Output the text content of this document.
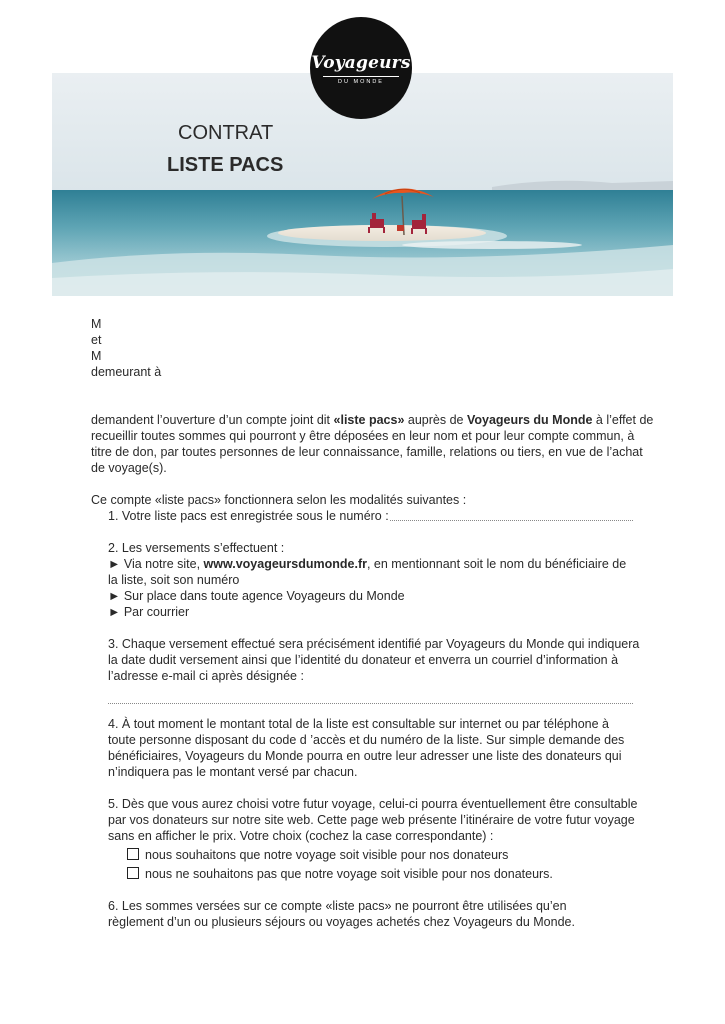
Voyageurs
DU MONDE
CONTRAT
LISTE PACS
M
et
M
demeurant à
demandent l’ouverture d’un compte joint dit «liste pacs» auprès de Voyageurs du Monde à l’effet de
recueillir toutes sommes qui pourront y être déposées en leur nom et pour leur compte commun, à
titre de don, par toutes personnes de leur connaissance, famille, relations ou tiers, en vue de l’achat
de voyage(s).
Ce compte «liste pacs» fonctionnera selon les modalités suivantes :
1. Votre liste pacs est enregistrée sous le numéro :
2. Les versements s’effectuent :
► Via notre site, www.voyageursdumonde.fr, en mentionnant soit le nom du bénéficiaire de
la liste, soit son numéro
► Sur place dans toute agence Voyageurs du Monde
► Par courrier
3. Chaque versement effectué sera précisément identifié par Voyageurs du Monde qui indiquera
la date dudit versement ainsi que l’identité du donateur et enverra un courriel d’information à
l’adresse e-mail ci après désignée :
4. À tout moment le montant total de la liste est consultable sur internet ou par téléphone à
toute personne disposant du code d ’accès et du numéro de la liste. Sur simple demande des
bénéficiaires, Voyageurs du Monde pourra en outre leur adresser une liste des donateurs qui
n’indiquera pas le montant versé par chacun.
5. Dès que vous aurez choisi votre futur voyage, celui-ci pourra éventuellement être consultable
par vos donateurs sur notre site web. Cette page web présente l’itinéraire de votre futur voyage
sans en afficher le prix. Votre choix (cochez la case correspondante) :
nous souhaitons que notre voyage soit visible pour nos donateurs
nous ne souhaitons pas que notre voyage soit visible pour nos donateurs.
6. Les sommes versées sur ce compte «liste pacs» ne pourront être utilisées qu’en
règlement d’un ou plusieurs séjours ou voyages achetés chez Voyageurs du Monde.
